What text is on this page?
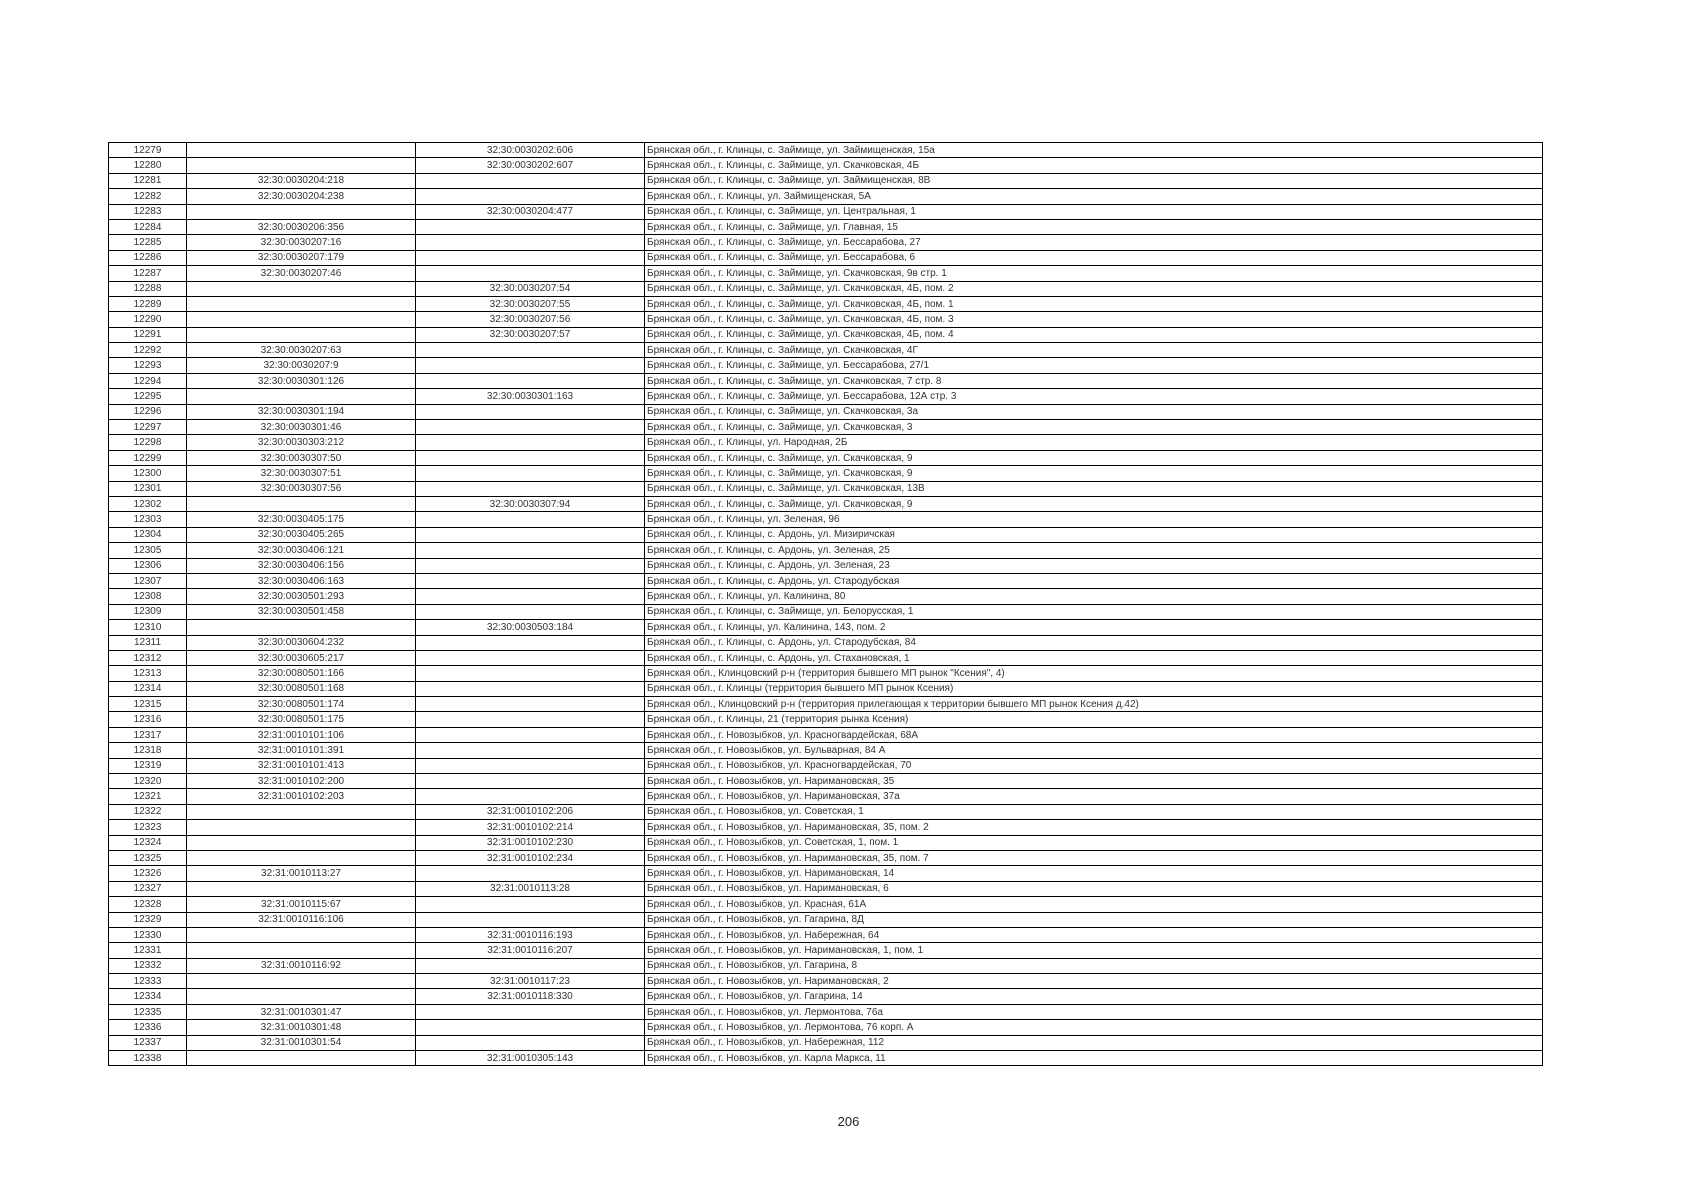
12279		32:30:0030202:606	Брянская обл., г. Клинцы, с. Займище, ул. Займищенская, 15а
12280		32:30:0030202:607	Брянская обл., г. Клинцы, с. Займище, ул. Скачковская, 4Б
12281	32:30:0030204:218		Брянская обл., г. Клинцы, с. Займище, ул. Займищенская, 8В
12282	32:30:0030204:238		Брянская обл., г. Клинцы, ул. Займищенская, 5А
12283		32:30:0030204:477	Брянская обл., г. Клинцы, с. Займище, ул. Центральная, 1
12284	32:30:0030206:356		Брянская обл., г. Клинцы, с. Займище, ул. Главная, 15
12285	32:30:0030207:16		Брянская обл., г. Клинцы, с. Займище, ул. Бессарабова, 27
12286	32:30:0030207:179		Брянская обл., г. Клинцы, с. Займище, ул. Бессарабова, 6
12287	32:30:0030207:46		Брянская обл., г. Клинцы, с. Займище, ул. Скачковская, 9в стр. 1
12288		32:30:0030207:54	Брянская обл., г. Клинцы, с. Займище, ул. Скачковская, 4Б, пом. 2
12289		32:30:0030207:55	Брянская обл., г. Клинцы, с. Займище, ул. Скачковская, 4Б, пом. 1
12290		32:30:0030207:56	Брянская обл., г. Клинцы, с. Займище, ул. Скачковская, 4Б, пом. 3
12291		32:30:0030207:57	Брянская обл., г. Клинцы, с. Займище, ул. Скачковская, 4Б, пом. 4
12292	32:30:0030207:63		Брянская обл., г. Клинцы, с. Займище, ул. Скачковская, 4Г
12293	32:30:0030207:9		Брянская обл., г. Клинцы, с. Займище, ул. Бессарабова, 27/1
12294	32:30:0030301:126		Брянская обл., г. Клинцы, с. Займище, ул. Скачковская, 7 стр. 8
12295		32:30:0030301:163	Брянская обл., г. Клинцы, с. Займище, ул. Бессарабова, 12А стр. 3
12296	32:30:0030301:194		Брянская обл., г. Клинцы, с. Займище, ул. Скачковская, 3а
12297	32:30:0030301:46		Брянская обл., г. Клинцы, с. Займище, ул. Скачковская, 3
12298	32:30:0030303:212		Брянская обл., г. Клинцы, ул. Народная, 2Б
12299	32:30:0030307:50		Брянская обл., г. Клинцы, с. Займище, ул. Скачковская, 9
12300	32:30:0030307:51		Брянская обл., г. Клинцы, с. Займище, ул. Скачковская, 9
12301	32:30:0030307:56		Брянская обл., г. Клинцы, с. Займище, ул. Скачковская, 13В
12302		32:30:0030307:94	Брянская обл., г. Клинцы, с. Займище, ул. Скачковская, 9
12303	32:30:0030405:175		Брянская обл., г. Клинцы, ул. Зеленая, 96
12304	32:30:0030405:265		Брянская обл., г. Клинцы, с. Ардонь, ул. Мизиричская
12305	32:30:0030406:121		Брянская обл., г. Клинцы, с. Ардонь, ул. Зеленая, 25
12306	32:30:0030406:156		Брянская обл., г. Клинцы, с. Ардонь, ул. Зеленая, 23
12307	32:30:0030406:163		Брянская обл., г. Клинцы, с. Ардонь, ул. Стародубская
12308	32:30:0030501:293		Брянская обл., г. Клинцы, ул. Калинина, 80
12309	32:30:0030501:458		Брянская обл., г. Клинцы, с. Займище, ул. Белорусская, 1
12310		32:30:0030503:184	Брянская обл., г. Клинцы, ул. Калинина, 143, пом. 2
12311	32:30:0030604:232		Брянская обл., г. Клинцы, с. Ардонь, ул. Стародубская, 84
12312	32:30:0030605:217		Брянская обл., г. Клинцы, с. Ардонь, ул. Стахановская, 1
12313	32:30:0080501:166		Брянская обл., Клинцовский р-н (территория бывшего МП рынок "Ксения", 4)
12314	32:30:0080501:168		Брянская обл., г. Клинцы (территория бывшего МП рынок Ксения)
12315	32:30:0080501:174		Брянская обл., Клинцовский р-н (территория прилегающая к территории бывшего МП рынок Ксения д.42)
12316	32:30:0080501:175		Брянская обл., г. Клинцы, 21 (территория рынка Ксения)
12317	32:31:0010101:106		Брянская обл., г. Новозыбков, ул. Красногвардейская, 68А
12318	32:31:0010101:391		Брянская обл., г. Новозыбков, ул. Бульварная, 84 А
12319	32:31:0010101:413		Брянская обл., г. Новозыбков, ул. Красногвардейская, 70
12320	32:31:0010102:200		Брянская обл., г. Новозыбков, ул. Наримановская, 35
12321	32:31:0010102:203		Брянская обл., г. Новозыбков, ул. Наримановская, 37а
12322		32:31:0010102:206	Брянская обл., г. Новозыбков, ул. Советская, 1
12323		32:31:0010102:214	Брянская обл., г. Новозыбков, ул. Наримановская, 35, пом. 2
12324		32:31:0010102:230	Брянская обл., г. Новозыбков, ул. Советская, 1, пом. 1
12325		32:31:0010102:234	Брянская обл., г. Новозыбков, ул. Наримановская, 35, пом. 7
12326	32:31:0010113:27		Брянская обл., г. Новозыбков, ул. Наримановская, 14
12327		32:31:0010113:28	Брянская обл., г. Новозыбков, ул. Наримановская, 6
12328	32:31:0010115:67		Брянская обл., г. Новозыбков, ул. Красная, 61А
12329	32:31:0010116:106		Брянская обл., г. Новозыбков, ул. Гагарина, 8Д
12330		32:31:0010116:193	Брянская обл., г. Новозыбков, ул. Набережная, 64
12331		32:31:0010116:207	Брянская обл., г. Новозыбков, ул. Наримановская, 1, пом. 1
12332	32:31:0010116:92		Брянская обл., г. Новозыбков, ул. Гагарина, 8
12333		32:31:0010117:23	Брянская обл., г. Новозыбков, ул. Наримановская, 2
12334		32:31:0010118:330	Брянская обл., г. Новозыбков, ул. Гагарина, 14
12335	32:31:0010301:47		Брянская обл., г. Новозыбков, ул. Лермонтова, 76а
12336	32:31:0010301:48		Брянская обл., г. Новозыбков, ул. Лермонтова, 76 корп. А
12337	32:31:0010301:54		Брянская обл., г. Новозыбков, ул. Набережная, 112
12338		32:31:0010305:143	Брянская обл., г. Новозыбков, ул. Карла Маркса, 11
206
